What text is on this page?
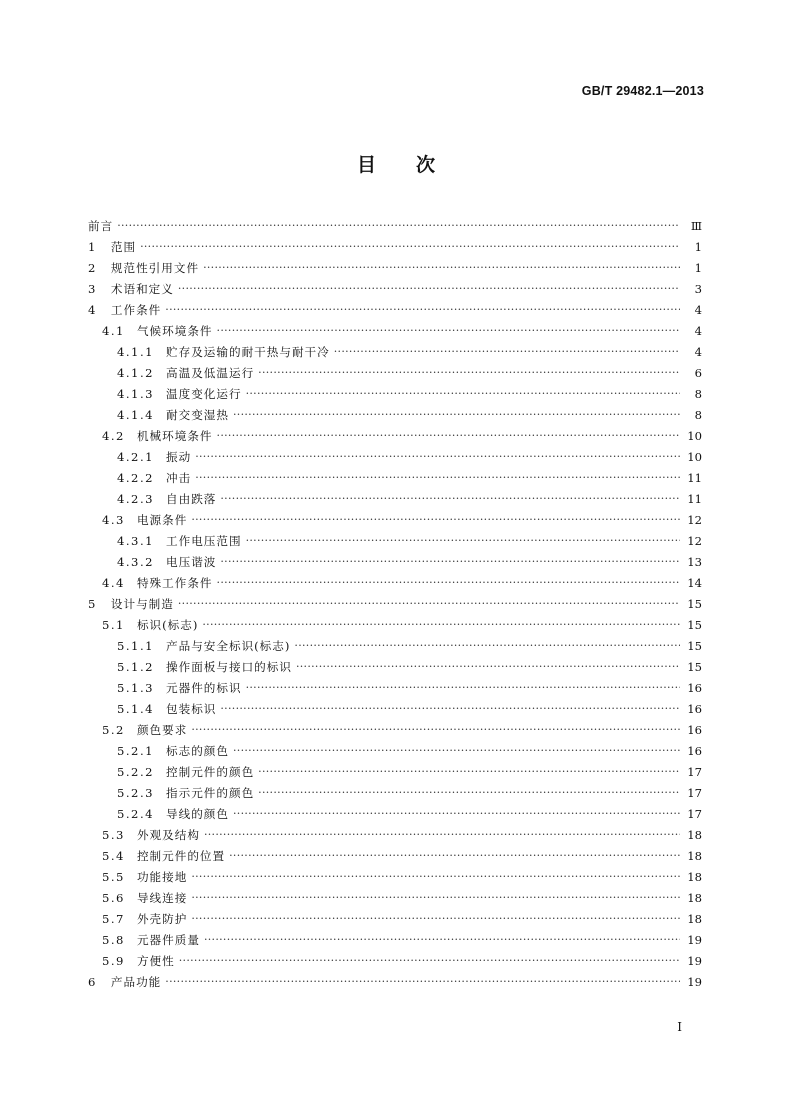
GB/T 29482.1—2013
目 次
前言 ·····	Ⅲ
1 范围 ·····	1
2 规范性引用文件 ·····	1
3 术语和定义 ·····	3
4 工作条件 ·····	4
4.1 气候环境条件 ·····	4
4.1.1 贮存及运输的耐干热与耐干冷 ·····	4
4.1.2 高温及低温运行 ·····	6
4.1.3 温度变化运行 ·····	8
4.1.4 耐交变湿热 ·····	8
4.2 机械环境条件 ·····	10
4.2.1 振动 ·····	10
4.2.2 冲击 ·····	11
4.2.3 自由跌落 ·····	11
4.3 电源条件 ·····	12
4.3.1 工作电压范围 ·····	12
4.3.2 电压谐波 ·····	13
4.4 特殊工作条件 ·····	14
5 设计与制造 ·····	15
5.1 标识(标志) ·····	15
5.1.1 产品与安全标识(标志) ·····	15
5.1.2 操作面板与接口的标识 ·····	15
5.1.3 元器件的标识 ·····	16
5.1.4 包装标识 ·····	16
5.2 颜色要求 ·····	16
5.2.1 标志的颜色 ·····	16
5.2.2 控制元件的颜色 ·····	17
5.2.3 指示元件的颜色 ·····	17
5.2.4 导线的颜色 ·····	17
5.3 外观及结构 ·····	18
5.4 控制元件的位置 ·····	18
5.5 功能接地 ·····	18
5.6 导线连接 ·····	18
5.7 外壳防护 ·····	18
5.8 元器件质量 ·····	19
5.9 方便性 ·····	19
6 产品功能 ·····	19
I
